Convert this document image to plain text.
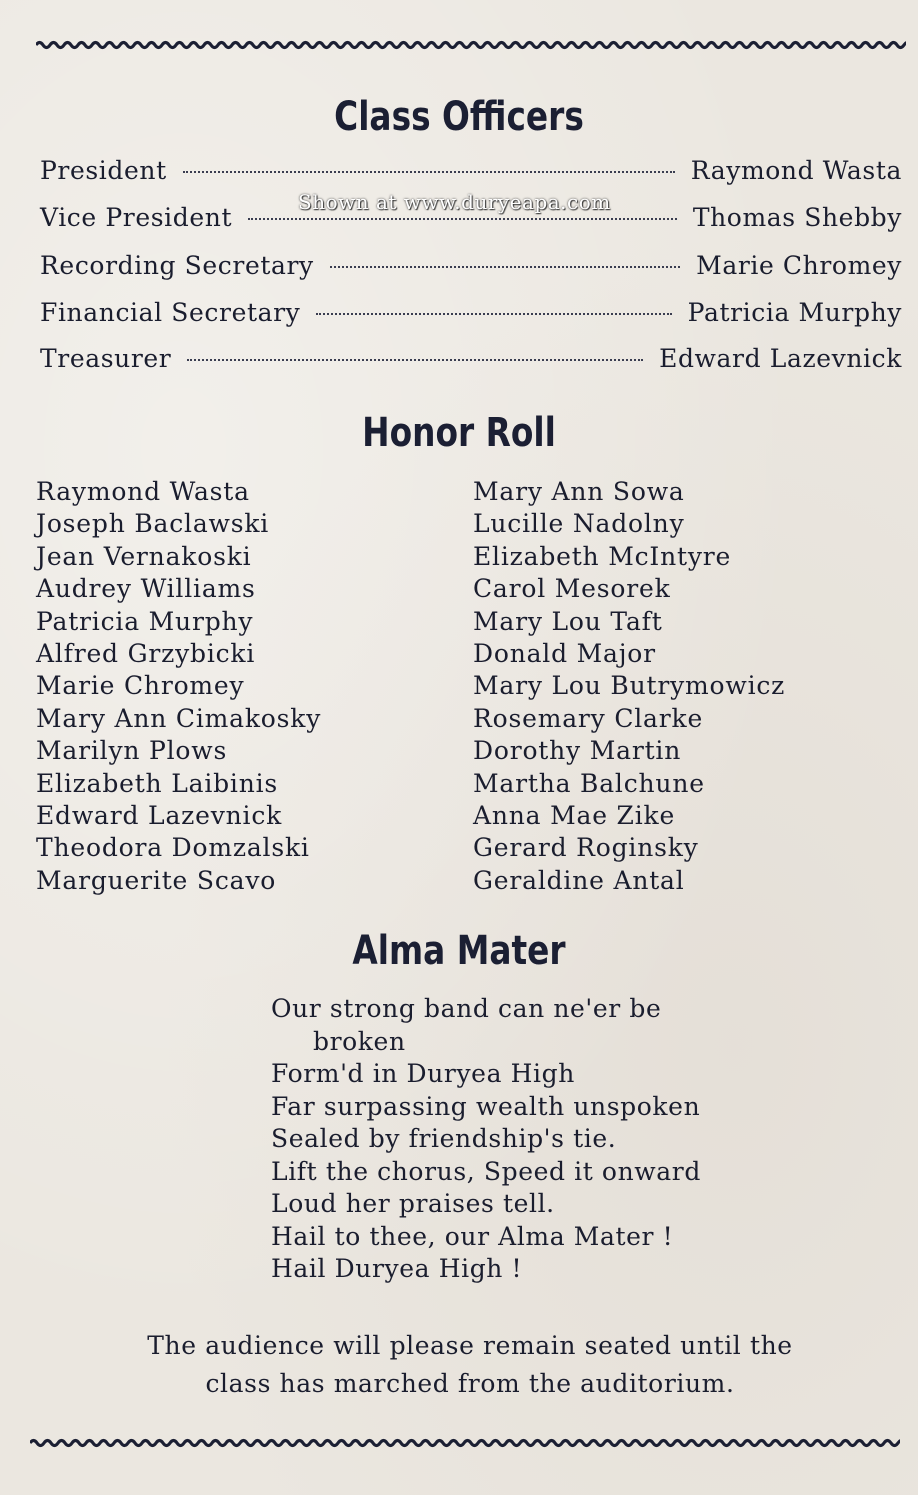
Class Officers
President	Raymond Wasta
Vice President	Thomas Shebby
Recording Secretary	Marie Chromey
Financial Secretary	Patricia Murphy
Treasurer	Edward Lazevnick
Shown at www.duryeapa.com
Honor Roll
Raymond Wasta
Joseph Baclawski
Jean Vernakoski
Audrey Williams
Patricia Murphy
Alfred Grzybicki
Marie Chromey
Mary Ann Cimakosky
Marilyn Plows
Elizabeth Laibinis
Edward Lazevnick
Theodora Domzalski
Marguerite Scavo
Mary Ann Sowa
Lucille Nadolny
Elizabeth McIntyre
Carol Mesorek
Mary Lou Taft
Donald Major
Mary Lou Butrymowicz
Rosemary Clarke
Dorothy Martin
Martha Balchune
Anna Mae Zike
Gerard Roginsky
Geraldine Antal
Alma Mater
Our strong band can ne'er be
broken
Form'd in Duryea High
Far surpassing wealth unspoken
Sealed by friendship's tie.
Lift the chorus, Speed it onward
Loud her praises tell.
Hail to thee, our Alma Mater !
Hail Duryea High !
The audience will please remain seated until the
class has marched from the auditorium.
